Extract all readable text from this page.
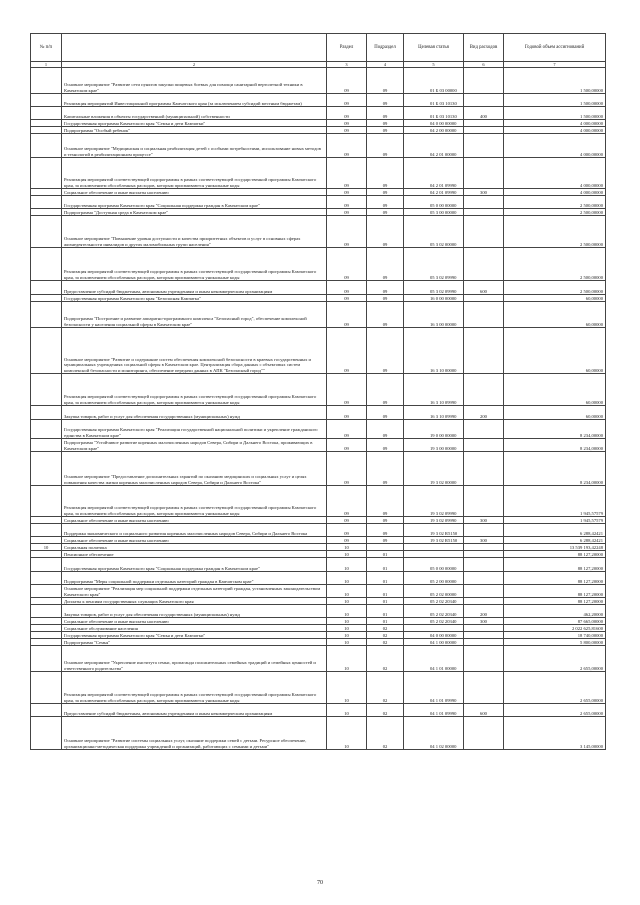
№ п/п		Раздел	Подраздел	Целевая статья	Вид расходов	Годовой объем ассигнований
1	2	3	4	5	6	7
	Основное мероприятие "Развитие сети пунктов закупки пищевых боевых для помощи санитарной вертолетной техники в Камчатском крае"	09	09	01 Б 03 00000		1 500,00000
	Реализация мероприятий Инвестиционной программы Камчатского края (за исключением субсидий местным бюджетам)	09	09	01 Б 03 10130		1 500,00000
	Капитальные вложения в объекты государственной (муниципальной) собственности	09	09	01 Б 03 10130	400	1 500,00000
	Государственная программа Камчатского края "Семья и дети Камчатки"	09	09	04 0 00 00000		4 000,00000
	Подпрограмма "Особый ребенок"	09	09	04 2 00 00000		4 000,00000
	Основное мероприятие "Медицинская и социальная реабилитация детей с особыми потребностями, использование новых методов и технологий в реабилитационном процессе"	09	09	04 2 01 00000		4 000,00000
	Реализация мероприятий соответствующей подпрограммы в рамках соответствующей государственной программы Камчатского края, за исключением обособленных расходов, которым присваиваются уникальные коды	09	09	04 2 01 09990		4 000,00000
	Социальное обеспечение и иные выплаты населению	09	09	04 2 01 09990	300	4 000,00000
	Государственная программа Камчатского края "Социальная поддержка граждан в Камчатском крае"	09	09	05 0 00 00000		2 500,00000
	Подпрограмма "Доступная среда в Камчатском крае"	09	09	05 3 00 00000		2 500,00000
	Основное мероприятие "Повышение уровня доступности и качества приоритетных объектов и услуг в основных сферах жизнедеятельности инвалидов и других маломобильных групп населения"	09	09	05 3 02 00000		2 500,00000
	Реализация мероприятий соответствующей подпрограммы в рамках соответствующей государственной программы Камчатского края, за исключением обособленных расходов, которым присваиваются уникальные коды	09	09	05 3 02 09990		2 500,00000
	Предоставление субсидий бюджетным, автономным учреждениям и иным некоммерческим организациям	09	09	05 3 02 09990	600	2 500,00000
	Государственная программа Камчатского края "Безопасная Камчатка"	09	09	16 0 00 00000		60,00000
	Подпрограмма "Построение и развитие аппаратно-программного комплекса "Безопасный город", обеспечение комплексной безопасности у населения социальной сферы в Камчатском крае"	09	09	16 3 00 00000		60,00000
	Основное мероприятие "Развитие и содержание систем обеспечения комплексной безопасности в краевых государственных и муниципальных учреждениях социальной сферы в Камчатском крае. Централизация сбора данных с объектовых систем комплексной безопасности и мониторинга, обеспечение передачи данных в АПК "Безопасный город""	09	09	16 3 10 00000		60,00000
	Реализация мероприятий соответствующей подпрограммы в рамках соответствующей государственной программы Камчатского края, за исключением обособленных расходов, которым присваиваются уникальные коды	09	09	16 3 10 09990		60,00000
	Закупка товаров, работ и услуг для обеспечения государственных (муниципальных) нужд	09	09	16 3 10 09990	200	60,00000
	Государственная программа Камчатского края "Реализация государственной национальной политики и укрепление гражданского единства в Камчатском крае"	09	09	19 0 00 00000		8 234,00000
	Подпрограмма "Устойчивое развитие коренных малочисленных народов Севера, Сибири и Дальнего Востока, проживающих в Камчатском крае"	09	09	19 3 00 00000		8 234,00000
	Основное мероприятие "Предоставление дополнительных гарантий по оказанию медицинских и социальных услуг и целях повышения качества жизни коренных малочисленных народов Севера, Сибири и Дальнего Востока"	09	09	19 3 02 00000		8 234,00000
	Реализация мероприятий соответствующей подпрограммы в рамках соответствующей государственной программы Камчатского края, за исключением обособленных расходов, которым присваиваются уникальные коды	09	09	19 3 02 09990		1 945,57579
	Социальное обеспечение и иные выплаты населению	09	09	19 3 02 09990	300	1 945,57579
	Поддержка экономического и социального развития коренных малочисленных народов Севера, Сибири и Дальнего Востока	09	09	19 3 02 R5150		6 288,42421
	Социальное обеспечение и иные выплаты населению	09	09	19 3 02 R5150	300	6 288,42421
10	Социальная политика	10				13 539 193,42248
	Пенсионное обеспечение	10	01			88 127,20000
	Государственная программа Камчатского края "Социальная поддержка граждан в Камчатском крае"	10	01	05 0 00 00000		88 127,20000
	Подпрограмма "Меры социальной поддержки отдельных категорий граждан в Камчатском крае"	10	01	05 2 00 00000		88 127,20000
	Основное мероприятие "Реализация мер социальной поддержки отдельных категорий граждан, установленных законодательством Камчатского края"	10	01	05 2 02 00000		88 127,20000
	Доплаты к пенсиям государственных служащих Камчатского края	10	01	05 2 02 20340		88 127,20000
	Закупка товаров, работ и услуг для обеспечения государственных (муниципальных) нужд	10	01	05 2 02 20340	200	462,20000
	Социальное обеспечение и иные выплаты населению	10	01	05 2 02 20340	300	87 665,00000
	Социальное обслуживание населения	10	02			2 022 625,81600
	Государственная программа Камчатского края "Семья и дети Камчатки"	10	02	04 0 00 00000		18 740,00000
	Подпрограмма "Семья"	10	02	04 1 00 00000		5 800,00000
	Основное мероприятие "Укрепление института семьи, пропаганда положительных семейных традиций и семейных ценностей и ответственного родительства"	10	02	04 1 01 00000		2 655,00000
	Реализация мероприятий соответствующей подпрограммы в рамках соответствующей государственной программы Камчатского края, за исключением обособленных расходов, которым присваиваются уникальные коды	10	02	04 1 01 09990		2 655,00000
	Предоставление субсидий бюджетным, автономным учреждениям и иным некоммерческим организациям	10	02	04 1 01 09990	600	2 655,00000
	Основное мероприятие "Развитие системы социальных услуг, оказание поддержки семей с детьми. Ресурсное обеспечение, организационно-методическая поддержка учреждений и организаций, работающих с семьями и детьми"	10	02	04 1 02 00000		3 145,00000
70
